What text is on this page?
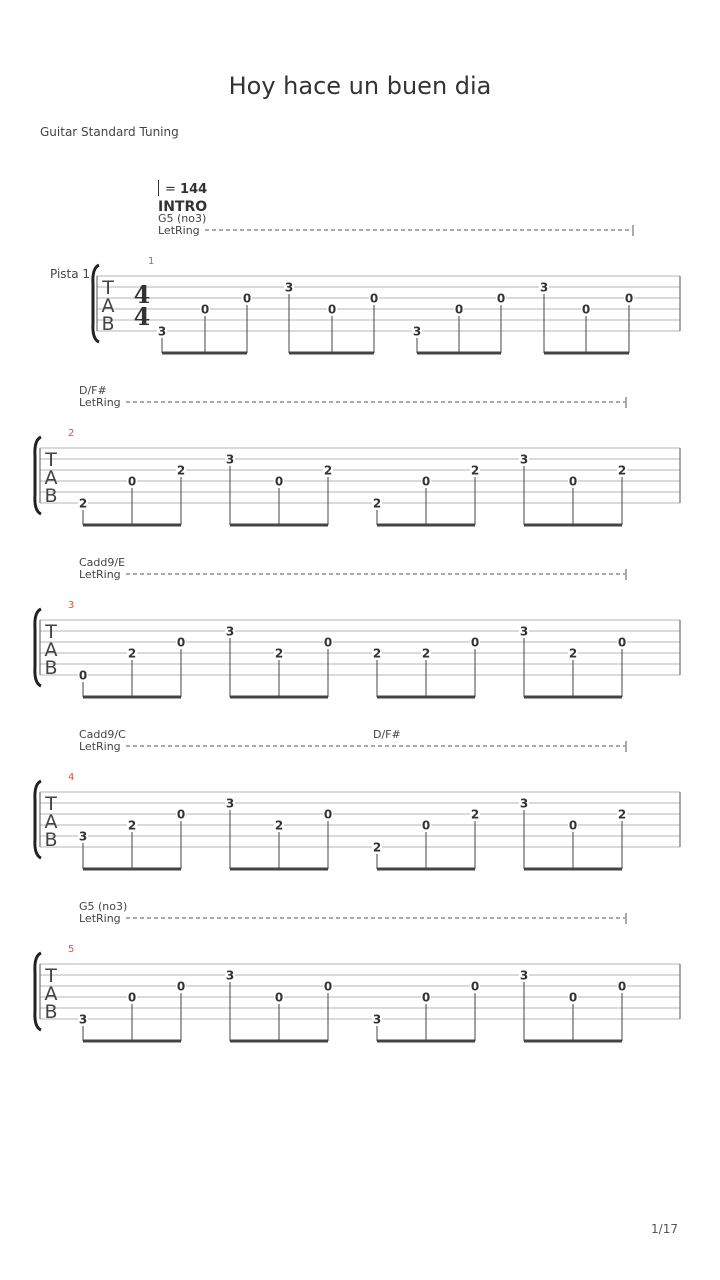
Hoy hace un buen dia
Guitar Standard Tuning
= 144
INTRO
Pista 1
G5 (no3)
LetRing
1
T
A
B
4
4
3
0
0
3
0
0
3
0
0
3
0
0
D/F#
LetRing
2
T
A
B 2
0
2
3
0
2
2
0
2
3
0
2
Cadd9/E
LetRing
3
T
A
B 0
2
0
3
2
0
2	2
0
3
2
0
Cadd9/C	D/F#
LetRing
4
T
A
B 3
2
0
3
2
0
2
0
2
3
0
2
G5 (no3)
LetRing
5
T
A
B 3
0
0
3
0
0
3
0
0
3
0
0
1/17
